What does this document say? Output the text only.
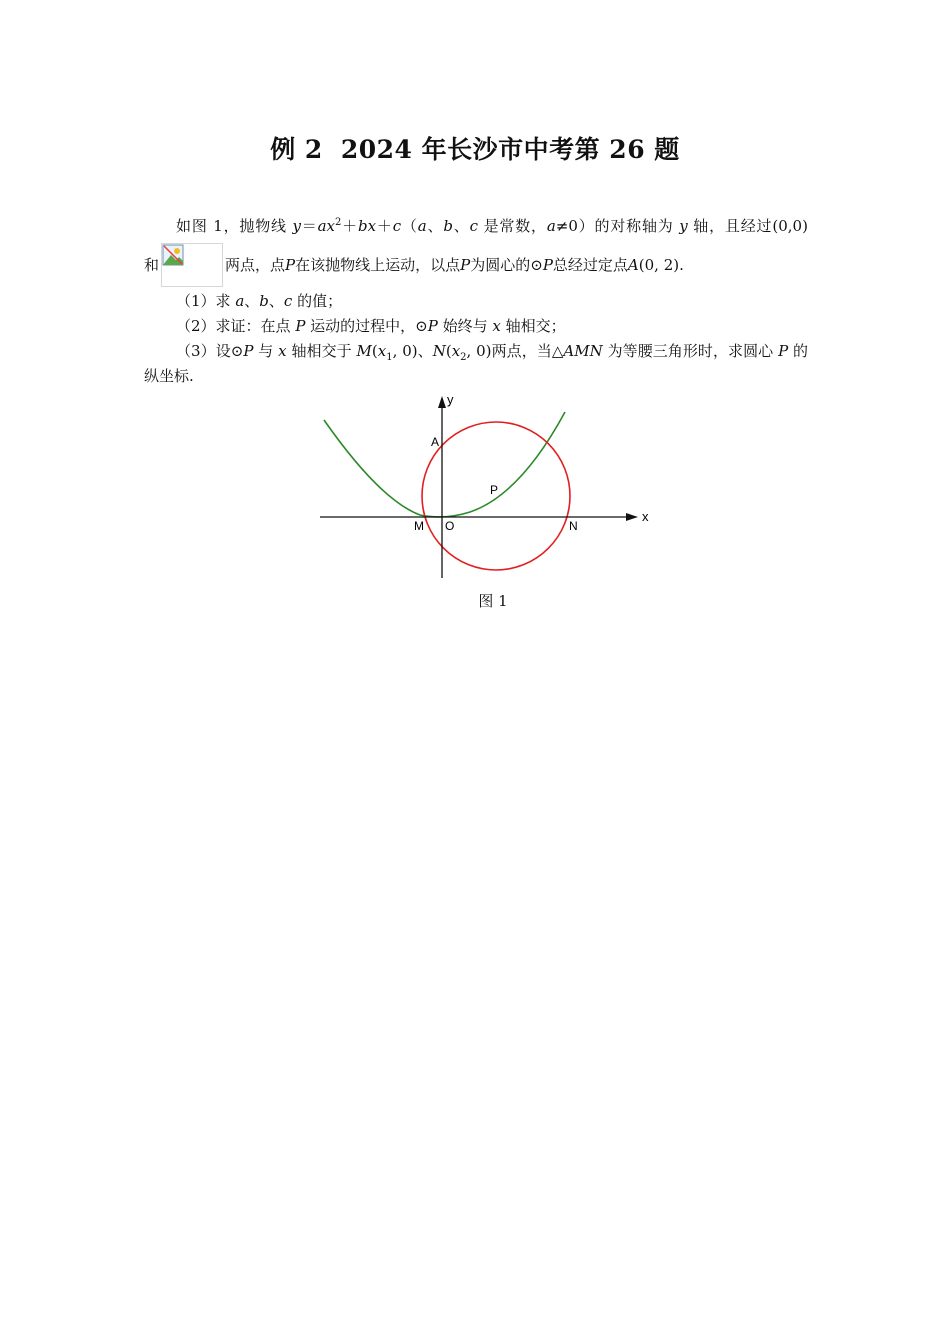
例 2 2024 年长沙市中考第 26 题
如图 1，抛物线 $y=ax^2+bx+c(a$、b、c 是常数，a≠0）的对称轴为 y 轴，且经过(0,0)
和	两点，点 P 在该抛物线上运动，以点 P 为圆心的⊙ P 总经过定点 A (0, 2).
（1）求 a、b、c 的值；
（2）求证：在点 P 运动的过程中，⊙P 始终与 x 轴相交；
（3）设⊙P 与 x 轴相交于 $M(x_1$, 0)、$N(x_2$, 0)两点，当△AMN 为等腰三角形时，求圆心 P 的纵坐标.
y
x
A
P
M O	N
图 1
